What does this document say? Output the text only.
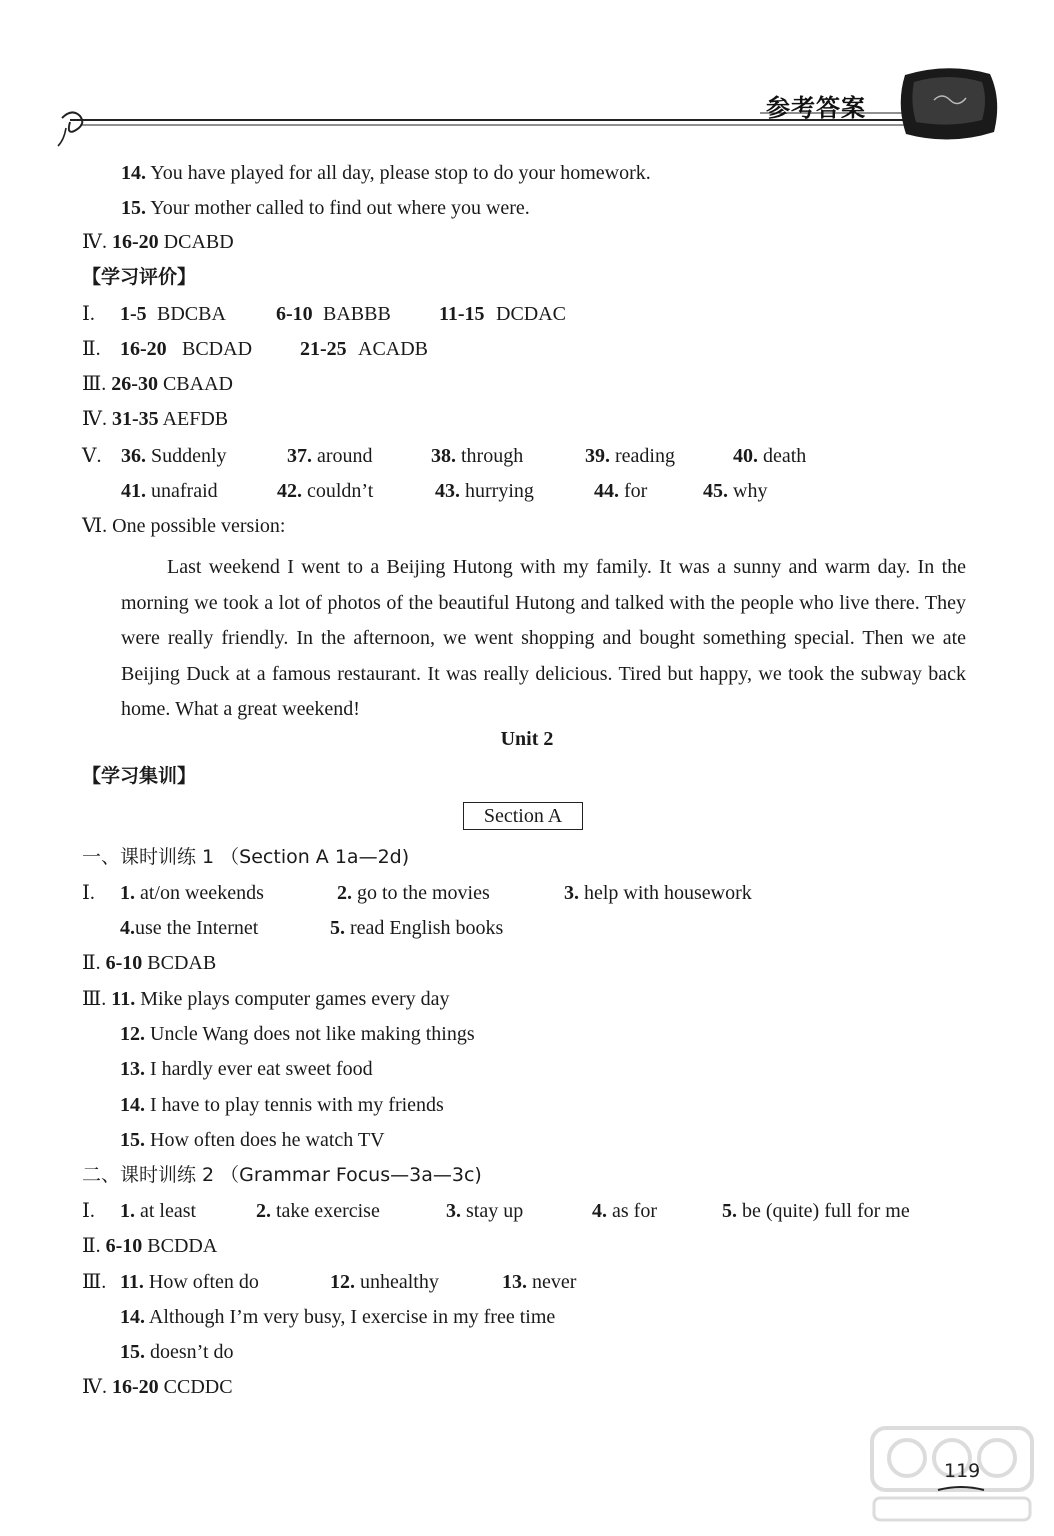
参考答案
14. You have played for all day, please stop to do your homework.
15. Your mother called to find out where you were.
Ⅳ. 16-20 DCABD
【学习评价】
Ⅰ. 1-5 BDCBA	6-10 BABBB 11-15 DCDAC
Ⅱ. 16-20 BCDAD 21-25 ACADB
Ⅲ. 26-30 CBAAD
Ⅳ. 31-35 AEFDB
Ⅴ. 36. Suddenly	37. around	38. through	39. reading	40. death
41. unafraid	42. couldn’t	43. hurrying	44. for	45. why
Ⅵ. One possible version:

Last weekend I went to a Beijing Hutong with my family. It was a sunny and warm day. In the morning we took a lot of photos of the beautiful Hutong and talked with the people who live there. They were really friendly. In the afternoon, we went shopping and bought something special. Then we ate Beijing Duck at a famous restaurant. It was really delicious. Tired but happy, we took the subway back home. What a great weekend!

Unit 2
【学习集训】
Section A
一、课时训练 1 （Section A 1a—2d)
Ⅰ. 1. at/on weekends	2. go to the movies	3. help with housework
4.use the Internet	5. read English books
Ⅱ. 6-10 BCDAB
Ⅲ. 11. Mike plays computer games every day
12. Uncle Wang does not like making things
13. I hardly ever eat sweet food
14. I have to play tennis with my friends
15. How often does he watch TV
二、课时训练 2 （Grammar Focus—3a—3c)
Ⅰ. 1. at least	2. take exercise	3. stay up	4. as for	5. be (quite) full for me
Ⅱ. 6-10 BCDDA
Ⅲ. 11. How often do	12. unhealthy	13. never
14. Although I’m very busy, I exercise in my free time
15. doesn’t do
Ⅳ. 16-20 CCDDC
119
